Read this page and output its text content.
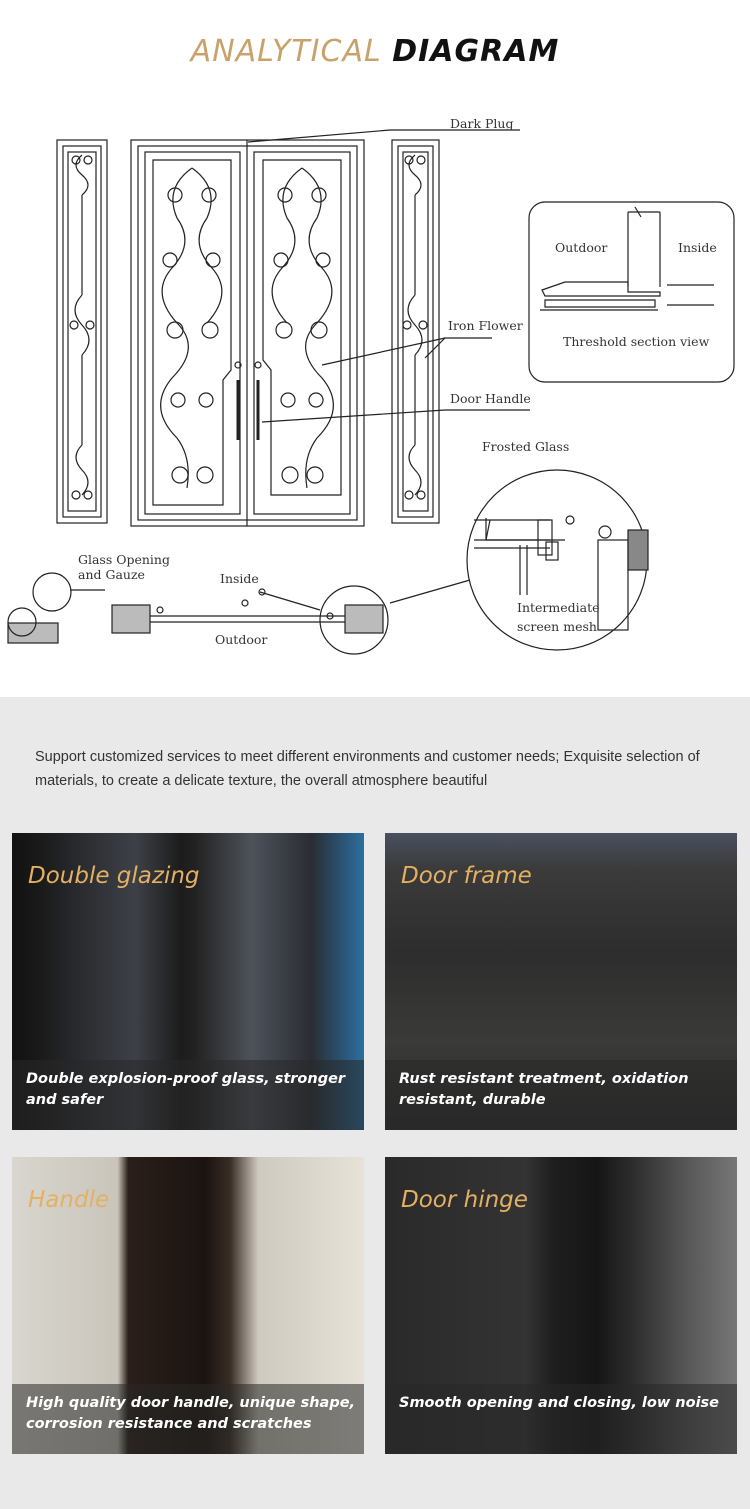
ANALYTICAL DIAGRAM
Dark Plug
Iron Flower
Door Handle
Frosted Glass
Outdoor	Inside
Threshold section view
Glass Opening
and Gauze	Inside
Outdoor
Intermediate
screen mesh
Support customized services to meet different environments and customer needs; Exquisite selection of materials, to create a delicate texture, the overall atmosphere beautiful
Double glazing
Double explosion-proof glass, stronger and safer
Door frame
Rust resistant treatment, oxidation resistant, durable
Handle
High quality door handle, unique shape, corrosion resistance and scratches
Door hinge
Smooth opening and closing, low noise
